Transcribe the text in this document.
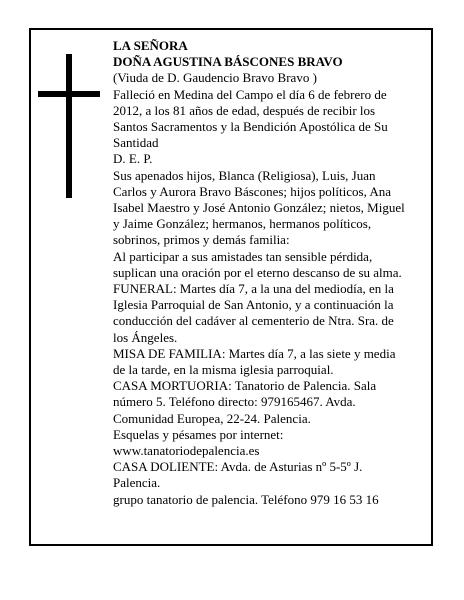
LA SEÑORA
DOÑA AGUSTINA BÁSCONES BRAVO
(Viuda de D. Gaudencio Bravo Bravo )
Falleció en Medina del Campo el día 6 de febrero de
2012, a los 81 años de edad, después de recibir los
Santos Sacramentos y la Bendición Apostólica de Su
Santidad
D. E. P.
Sus apenados hijos, Blanca (Religiosa), Luis, Juan
Carlos y Aurora Bravo Báscones; hijos políticos, Ana
Isabel Maestro y José Antonio González; nietos, Miguel
y Jaime González; hermanos, hermanos políticos,
sobrinos, primos y demás familia:
Al participar a sus amistades tan sensible pérdida,
suplican una oración por el eterno descanso de su alma.
FUNERAL: Martes día 7, a la una del mediodía, en la
Iglesia Parroquial de San Antonio, y a continuación la
conducción del cadáver al cementerio de Ntra. Sra. de
los Ángeles.
MISA DE FAMILIA: Martes día 7, a las siete y media
de la tarde, en la misma iglesia parroquial.
CASA MORTUORIA: Tanatorio de Palencia. Sala
número 5. Teléfono directo: 979165467. Avda.
Comunidad Europea, 22-24. Palencia.
Esquelas y pésames por internet:
www.tanatoriodepalencia.es
CASA DOLIENTE: Avda. de Asturias nº 5-5º J.
Palencia.
grupo tanatorio de palencia. Teléfono 979 16 53 16
